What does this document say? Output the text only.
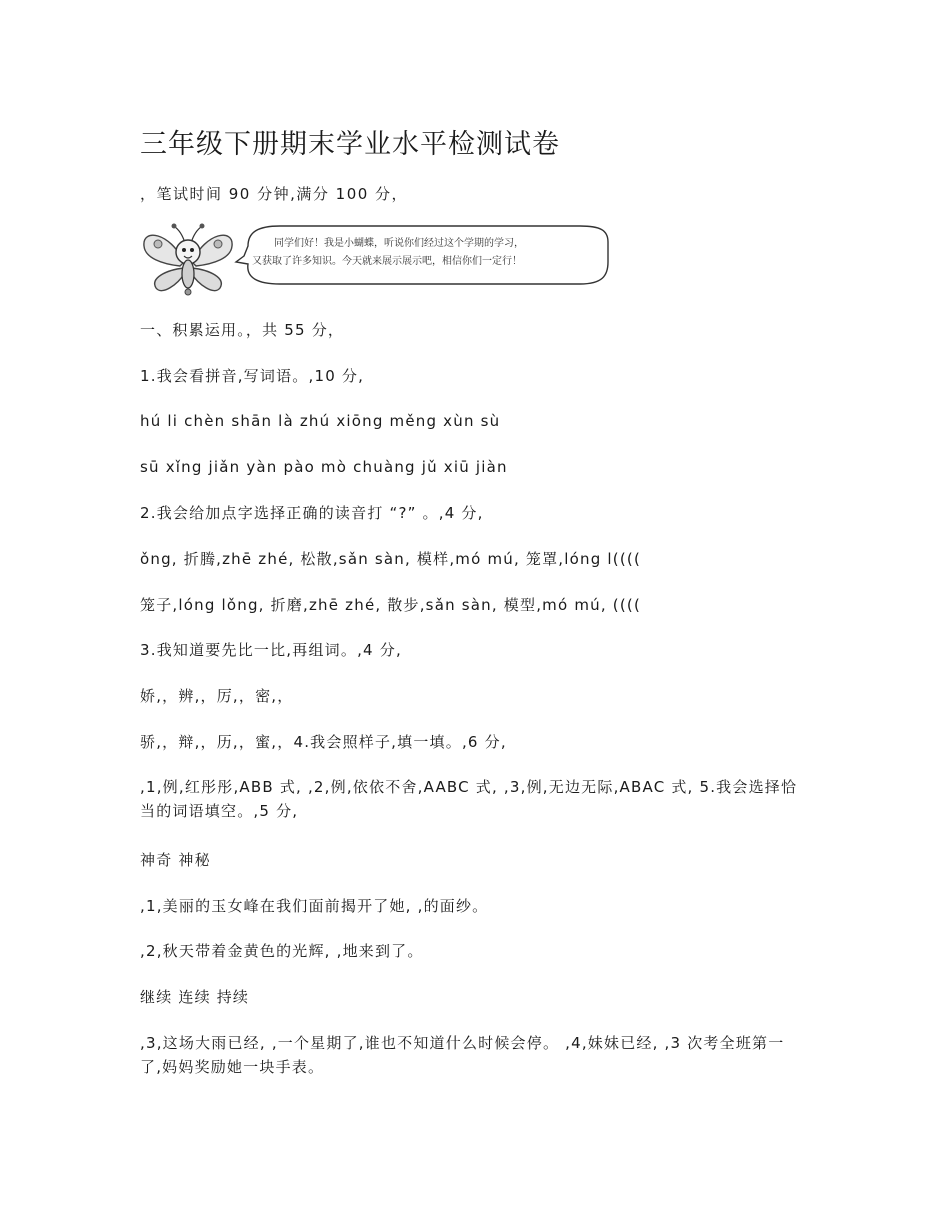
三年级下册期末学业水平检测试卷
，笔试时间 90 分钟,满分 100 分，
同学们好！我是小蝴蝶，听说你们经过这个学期的学习，
又获取了许多知识。今天就来展示展示吧，相信你们一定行！
一、积累运用。，共 55 分，
1.我会看拼音,写词语。,10 分,
hú li chèn shān là zhú xiōng měng xùn sù
sū xǐng jiǎn yàn pào mò chuàng jǔ xiū jiàn
2.我会给加点字选择正确的读音打 “?” 。,4 分,
ǒng, 折腾,zhē zhé, 松散,sǎn sàn, 模样,mó mú, 笼罩,lóng l((((
笼子,lóng lǒng, 折磨,zhē zhé, 散步,sǎn sàn, 模型,mó mú, ((((
3.我知道要先比一比,再组词。,4 分,
娇,，辨,，厉,，密,，
骄,，辩,，历,，蜜,，4.我会照样子,填一填。,6 分,
,1,例,红彤彤,ABB 式, ,2,例,依依不舍,AABC 式, ,3,例,无边无际,ABAC 式, 5.我会选择恰当的词语填空。,5 分,
神奇 神秘
,1,美丽的玉女峰在我们面前揭开了她, ,的面纱。
,2,秋天带着金黄色的光辉, ,地来到了。
继续 连续 持续
,3,这场大雨已经, ,一个星期了,谁也不知道什么时候会停。 ,4,妹妹已经, ,3 次考全班第一了,妈妈奖励她一块手表。
